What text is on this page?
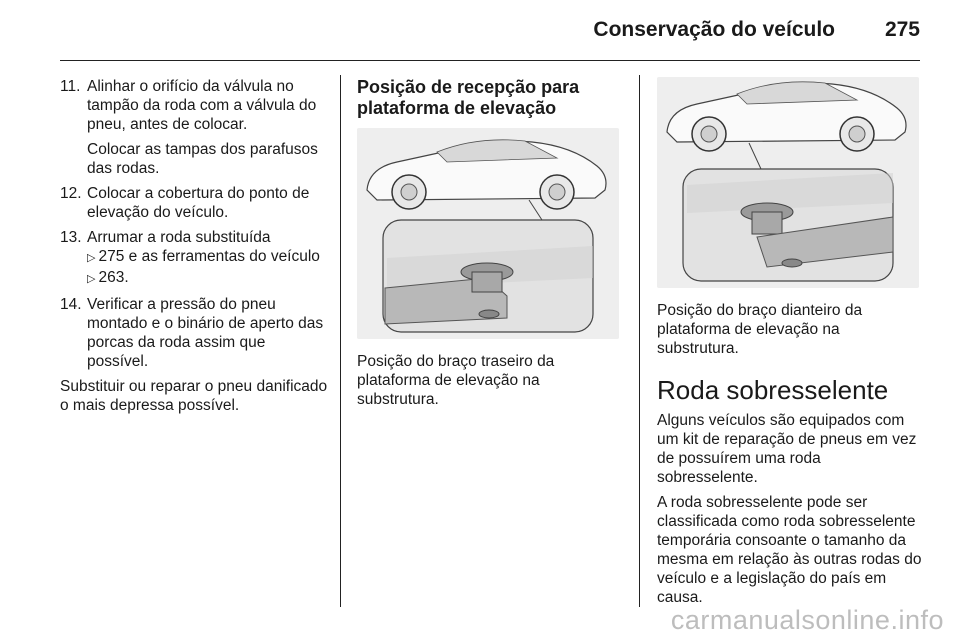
Conservação do veículo 275
11. Alinhar o orifício da válvula no tampão da roda com a válvula do pneu, antes de colocar.

Colocar as tampas dos parafusos das rodas.

12. Colocar a cobertura do ponto de elevação do veículo.

13. Arrumar a roda substituída
▷ 275 e as ferramentas do veículo ▷ 263.

14. Verificar a pressão do pneu montado e o binário de aperto das porcas da roda assim que possível.

Substituir ou reparar o pneu danificado o mais depressa possível.

Posição de recepção para plataforma de elevação
Posição do braço traseiro da plataforma de elevação na substrutura.
Posição do braço dianteiro da plataforma de elevação na substrutura.
Roda sobresselente

Alguns veículos são equipados com um kit de reparação de pneus em vez de possuírem uma roda sobresselente.

A roda sobresselente pode ser classificada como roda sobresselente temporária consoante o tamanho da mesma em relação às outras rodas do veículo e a legislação do país em causa.

carmanualsonline.info
